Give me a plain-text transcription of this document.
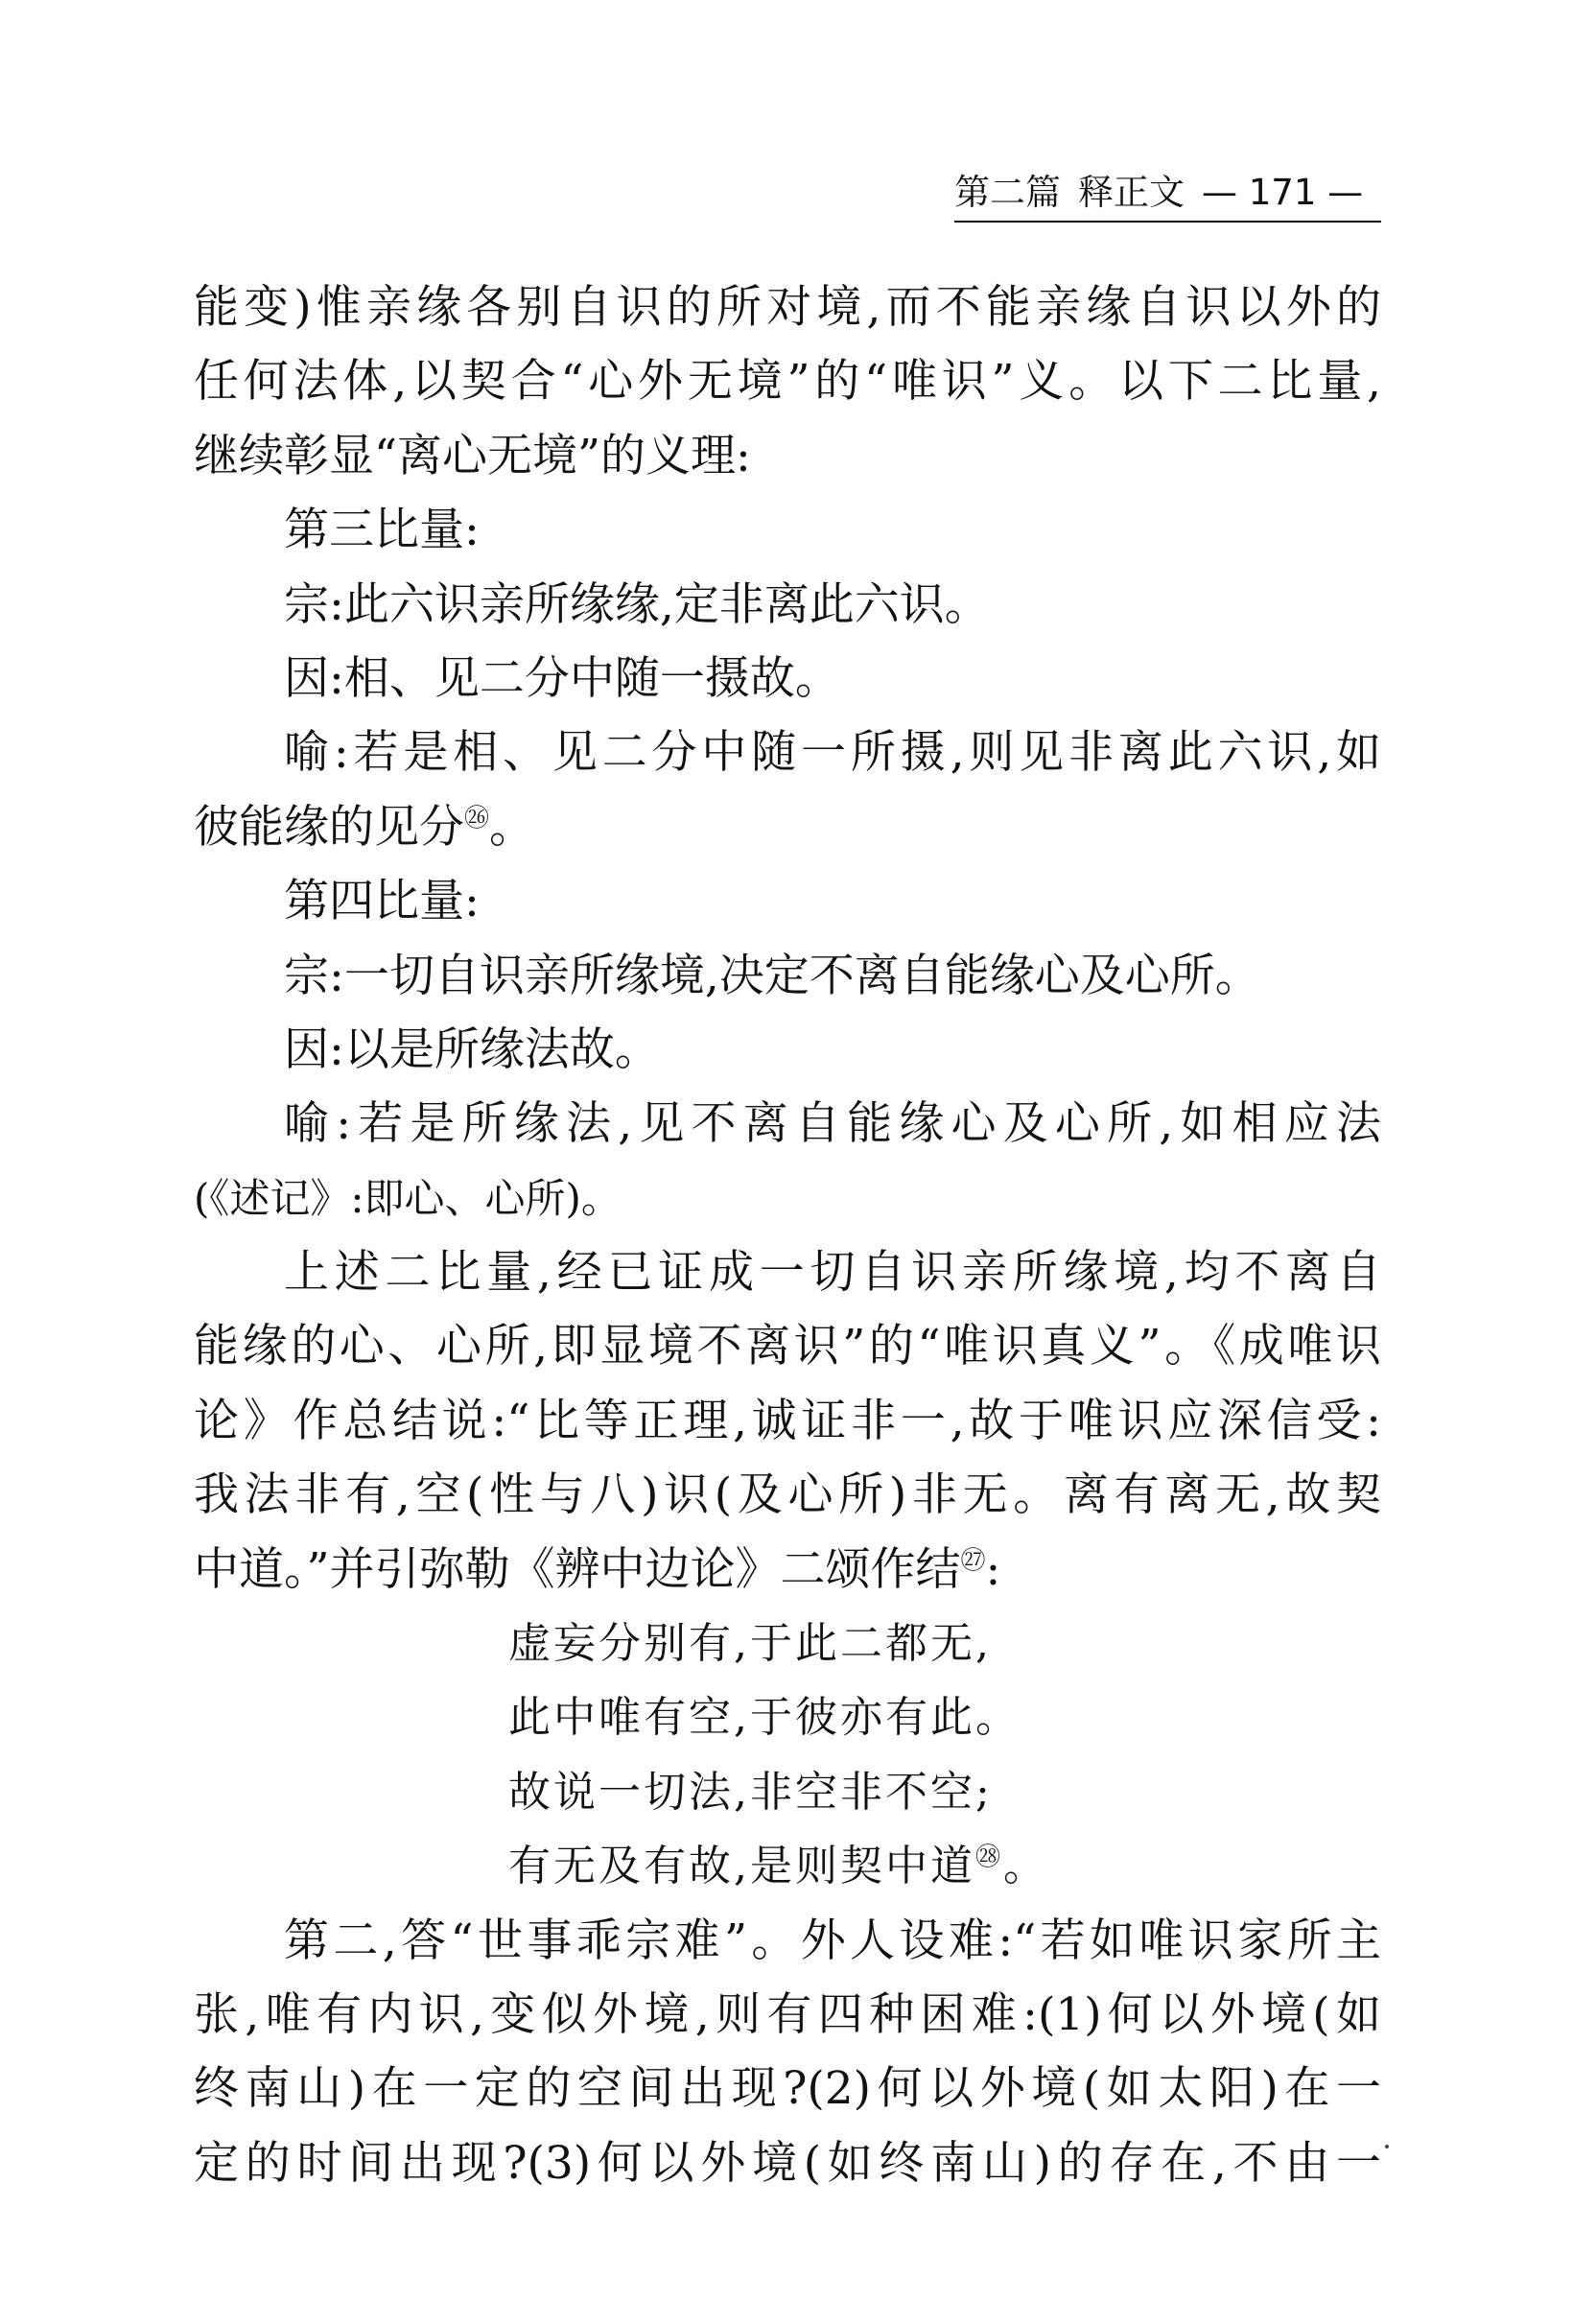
第二篇 释正文 — 171 —
能变)惟亲缘各别自识的所对境,而不能亲缘自识以外的
任何法体,以契合“心外无境”的“唯识”义。以下二比量,
继续彰显“离心无境”的义理:
第三比量:
宗:此六识亲所缘缘,定非离此六识。
因:相、见二分中随一摄故。
喻:若是相、见二分中随一所摄,则见非离此六识,如
彼能缘的见分$^㉖$。
第四比量:
宗:一切自识亲所缘境,决定不离自能缘心及心所。
因:以是所缘法故。
喻:若是所缘法,见不离自能缘心及心所,如相应法
(《述记》:即心、心所)。
上述二比量,经已证成一切自识亲所缘境,均不离自
能缘的心、心所,即显境不离识”的“唯识真义”。《成唯识
论》作总结说:“比等正理,诚证非一,故于唯识应深信受:
我法非有,空(性与八)识(及心所)非无。离有离无,故契
中道。”并引弥勒《辨中边论》二颂作结$^㉗$:
虚妄分别有,于此二都无,
此中唯有空,于彼亦有此。
故说一切法,非空非不空;
有无及有故,是则契中道$^㉘$。
第二,答“世事乖宗难”。外人设难:“若如唯识家所主
张,唯有内识,变似外境,则有四种困难:(1)何以外境(如
终南山)在一定的空间出现?(2)何以外境(如太阳)在一
定的时间出现?(3)何以外境(如终南山)的存在,不由一
